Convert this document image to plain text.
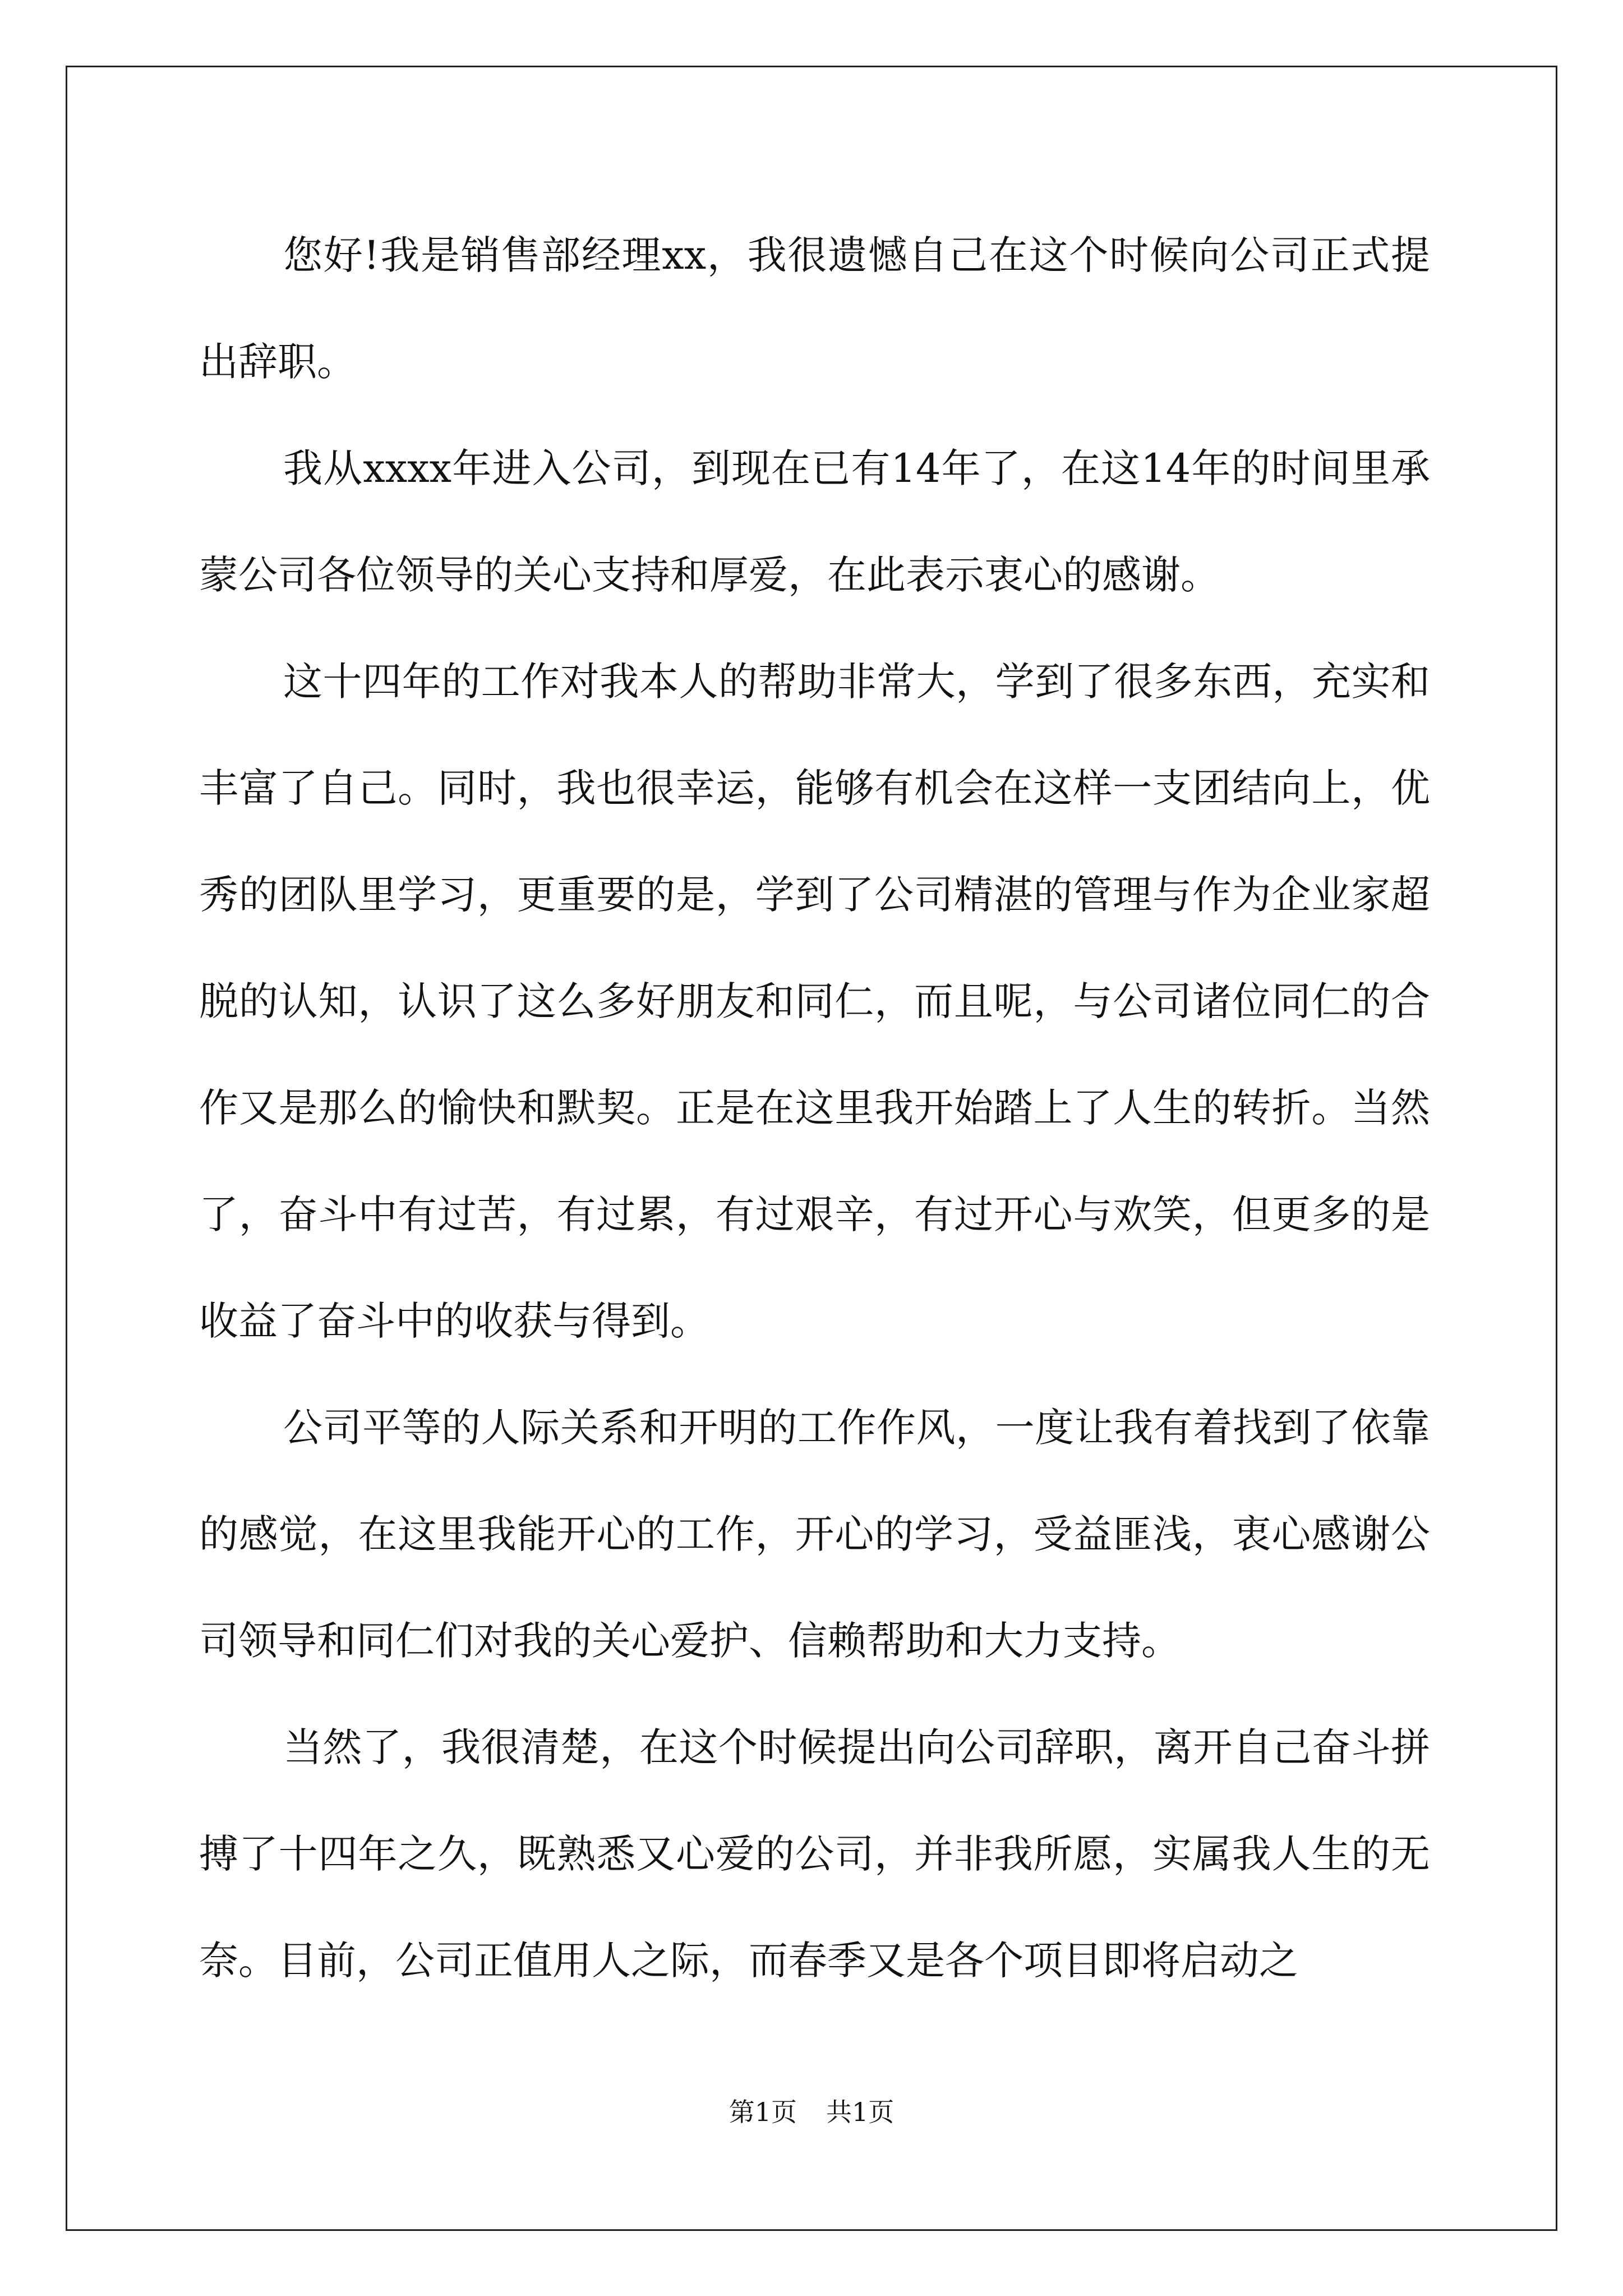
您好!我是销售部经理xx，我很遗憾自己在这个时候向公司正式提出辞职。

我从xxxx年进入公司，到现在已有14年了，在这14年的时间里承蒙公司各位领导的关心支持和厚爱，在此表示衷心的感谢。

这十四年的工作对我本人的帮助非常大，学到了很多东西，充实和丰富了自己。同时，我也很幸运，能够有机会在这样一支团结向上，优秀的团队里学习，更重要的是，学到了公司精湛的管理与作为企业家超脱的认知，认识了这么多好朋友和同仁，而且呢，与公司诸位同仁的合作又是那么的愉快和默契。正是在这里我开始踏上了人生的转折。当然了，奋斗中有过苦，有过累，有过艰辛，有过开心与欢笑，但更多的是收益了奋斗中的收获与得到。

公司平等的人际关系和开明的工作作风，一度让我有着找到了依靠的感觉，在这里我能开心的工作，开心的学习，受益匪浅，衷心感谢公司领导和同仁们对我的关心爱护、信赖帮助和大力支持。

当然了，我很清楚，在这个时候提出向公司辞职，离开自己奋斗拼搏了十四年之久，既熟悉又心爱的公司，并非我所愿，实属我人生的无奈。目前，公司正值用人之际，而春季又是各个项目即将启动之

第1页 共1页
